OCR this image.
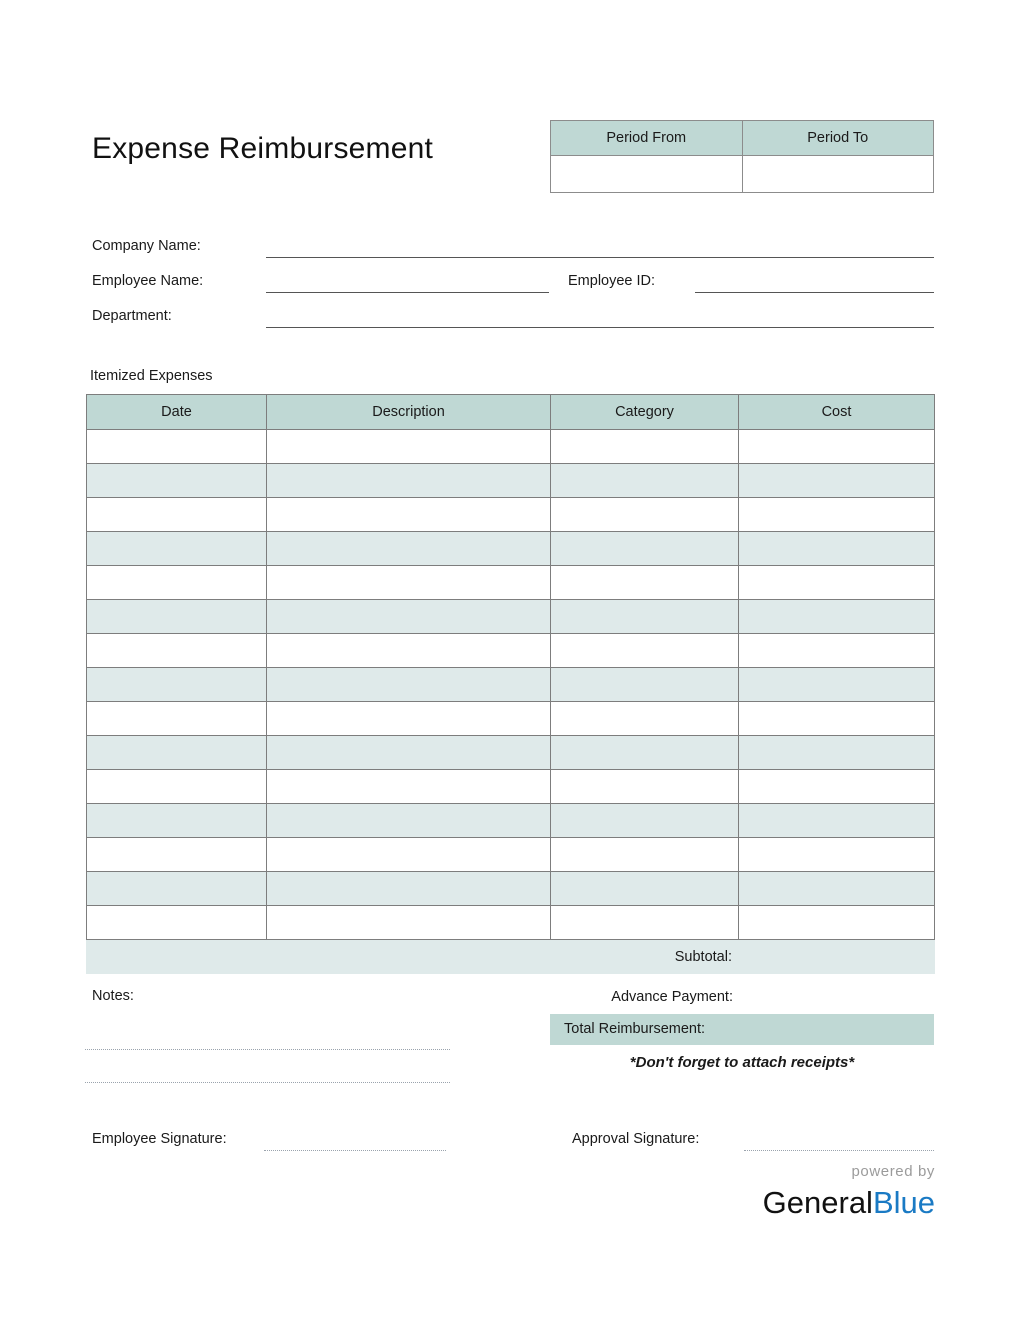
Expense Reimbursement	Period From	Period To

Company Name:
Employee Name:	Employee ID:
Department:
Itemized Expenses
Date	Description	Category	Cost

Subtotal:			
Advance Payment:
Total Reimbursement:
*Don't forget to attach receipts*
Notes:
Employee Signature:	Approval Signature:
powered by
GeneralBlue
